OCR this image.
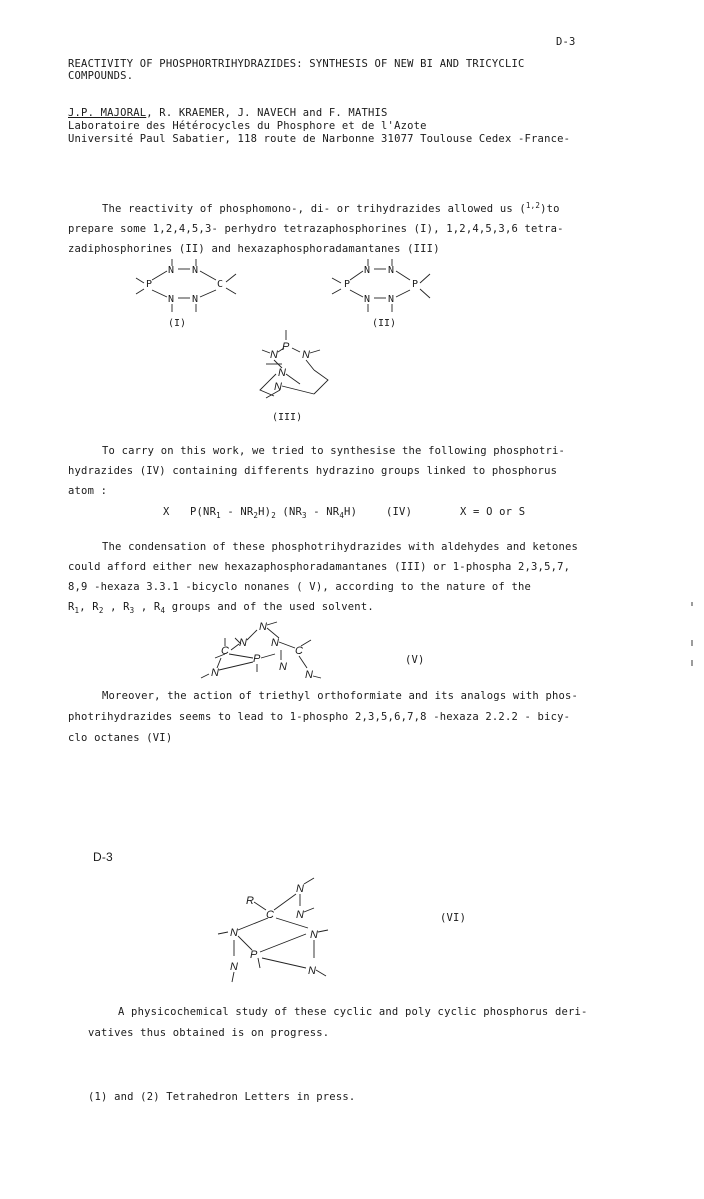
D-3
REACTIVITY OF PHOSPHORTRIHYDRAZIDES: SYNTHESIS OF NEW BI AND TRICYCLIC
COMPOUNDS.
J.P. MAJORAL, R. KRAEMER, J. NAVECH and F. MATHIS
Laboratoire des Hétérocycles du Phosphore et de l'Azote
Université Paul Sabatier, 118 route de Narbonne 31077 Toulouse Cedex -France-
The reactivity of phosphomono-, di- or trihydrazides allowed us ($^{1,2}$)to
prepare some 1,2,4,5,3- perhydro tetrazaphosphorines (I), 1,2,4,5,3,6 tetra-
zadiphosphorines (II) and hexazaphosphoradamantanes (III)
N N
P	C
N N
(I)
N N
P	P
N N
(II)
P
N N
N
N
(III)
To carry on this work, we tried to synthesise the following phosphotri-
hydrazides (IV) containing differents hydrazino groups linked to phosphorus
atom :
X $P(NR_1 - NR_2H)_2$ $(NR_3 - NR_4H)$	(IV)	X = O or S
The condensation of these phosphotrihydrazides with aldehydes and ketones
could afford either new hexazaphosphoradamantanes (III) or 1-phospha 2,3,5,7,
8,9 -hexaza 3.3.1 -bicyclo nonanes ( V), according to the nature of the
$R_1$, $R_2$ , $R_3$ , $R_4$ groups and of the used solvent.
N
N
C
N
C
P
N	N
N
(V)
Moreover, the action of triethyl orthoformiate and its analogs with phos-
photrihydrazides seems to lead to 1-phospho 2,3,5,6,7,8 -hexaza 2.2.2 - bicy-
clo octanes (VI)
D-3
R
C
N
N
N	N
P
N	N
(VI)
A physicochemical study of these cyclic and poly cyclic phosphorus deri-
vatives thus obtained is on progress.
(1) and (2) Tetrahedron Letters in press.
